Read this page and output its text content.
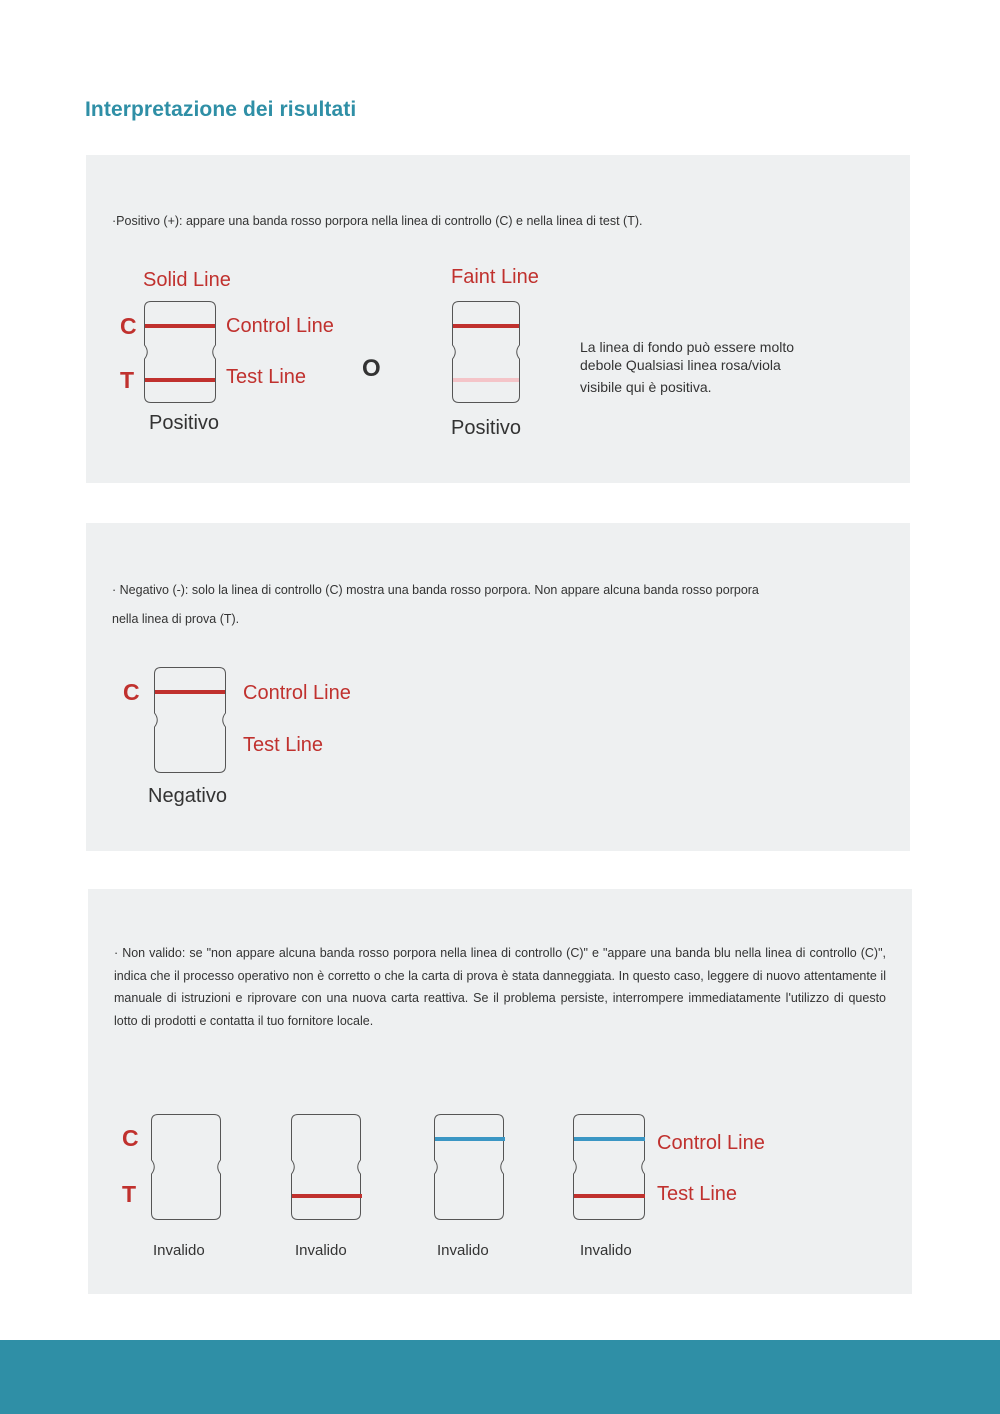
Interpretazione dei risultati
·Positivo (+): appare una banda rosso porpora nella linea di controllo (C) e nella linea di test (T).
Solid Line
C
T
Control Line
Test Line
Positivo
O
Faint Line
Positivo
La linea di fondo può essere molto
debole Qualsiasi linea rosa/viola
visibile qui è positiva.
· Negativo (-): solo la linea di controllo (C) mostra una banda rosso porpora. Non appare alcuna banda rosso porpora
nella linea di prova (T).
C	Control Line
Test Line
Negativo
· Non valido: se "non appare alcuna banda rosso porpora nella linea di controllo (C)" e "appare una banda blu nella linea di controllo (C)", indica che il processo operativo non è corretto o che la carta di prova è stata danneggiata. In questo caso, leggere di nuovo attentamente il manuale di istruzioni e riprovare con una nuova carta reattiva. Se il problema persiste, interrompere immediatamente l'utilizzo di questo lotto di prodotti e contatta il tuo fornitore locale.
C
T
Control Line
Test Line
Invalido	Invalido	Invalido	Invalido
